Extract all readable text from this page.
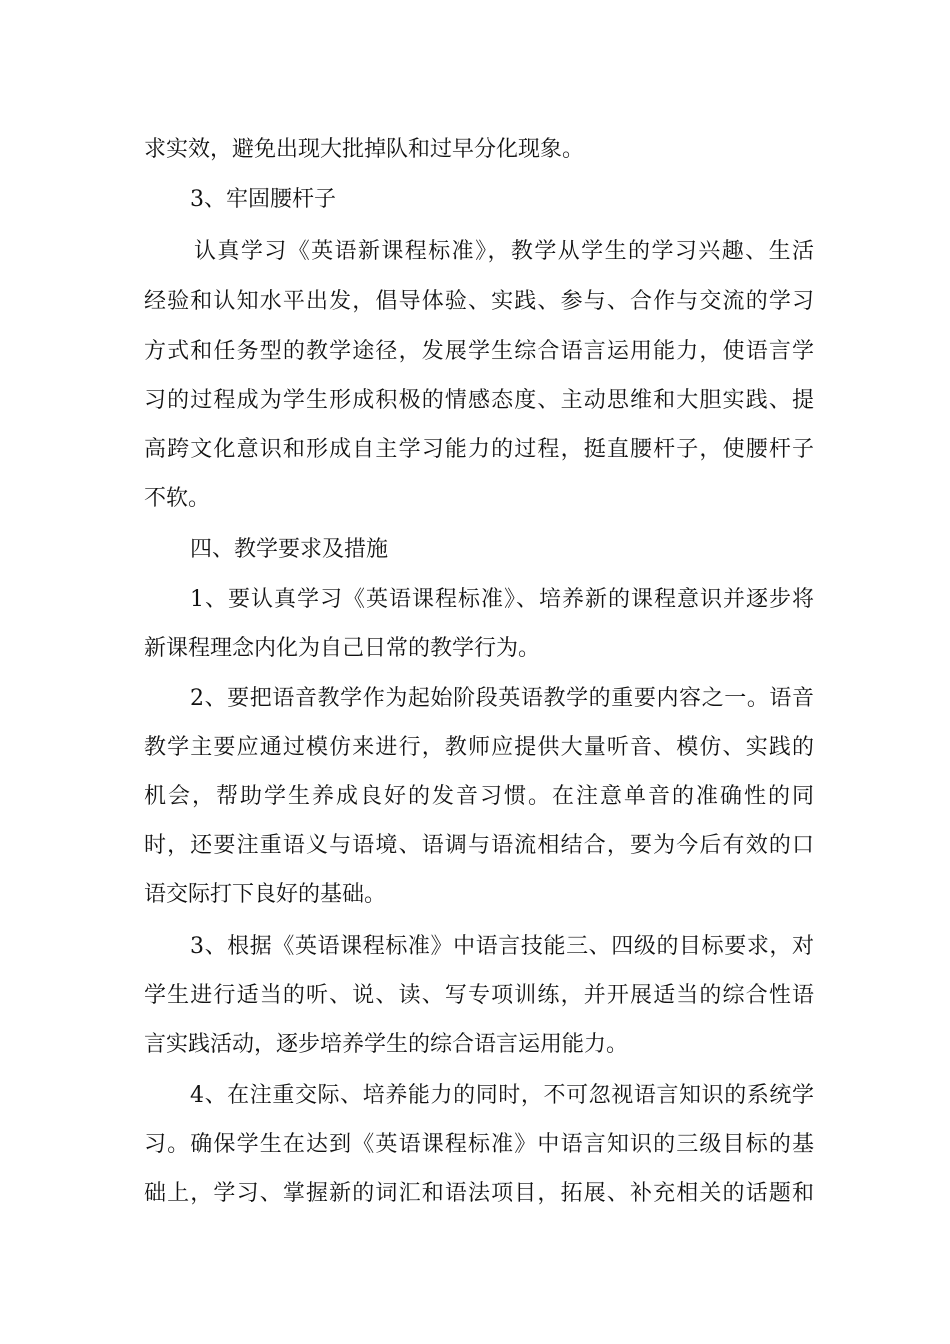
求实效，避免出现大批掉队和过早分化现象。
3、牢固腰杆子
认真学习《英语新课程标准》，教学从学生的学习兴趣、生活
经验和认知水平出发，倡导体验、实践、参与、合作与交流的学习
方式和任务型的教学途径，发展学生综合语言运用能力，使语言学
习的过程成为学生形成积极的情感态度、主动思维和大胆实践、提
高跨文化意识和形成自主学习能力的过程，挺直腰杆子，使腰杆子
不软。
四、教学要求及措施
1、要认真学习《英语课程标准》、培养新的课程意识并逐步将
新课程理念内化为自己日常的教学行为。
2、要把语音教学作为起始阶段英语教学的重要内容之一。语音
教学主要应通过模仿来进行，教师应提供大量听音、模仿、实践的
机会，帮助学生养成良好的发音习惯。在注意单音的准确性的同
时，还要注重语义与语境、语调与语流相结合，要为今后有效的口
语交际打下良好的基础。
3、根据《英语课程标准》中语言技能三、四级的目标要求，对
学生进行适当的听、说、读、写专项训练，并开展适当的综合性语
言实践活动，逐步培养学生的综合语言运用能力。
4、在注重交际、培养能力的同时，不可忽视语言知识的系统学
习。确保学生在达到《英语课程标准》中语言知识的三级目标的基
础上，学习、掌握新的词汇和语法项目，拓展、补充相关的话题和
